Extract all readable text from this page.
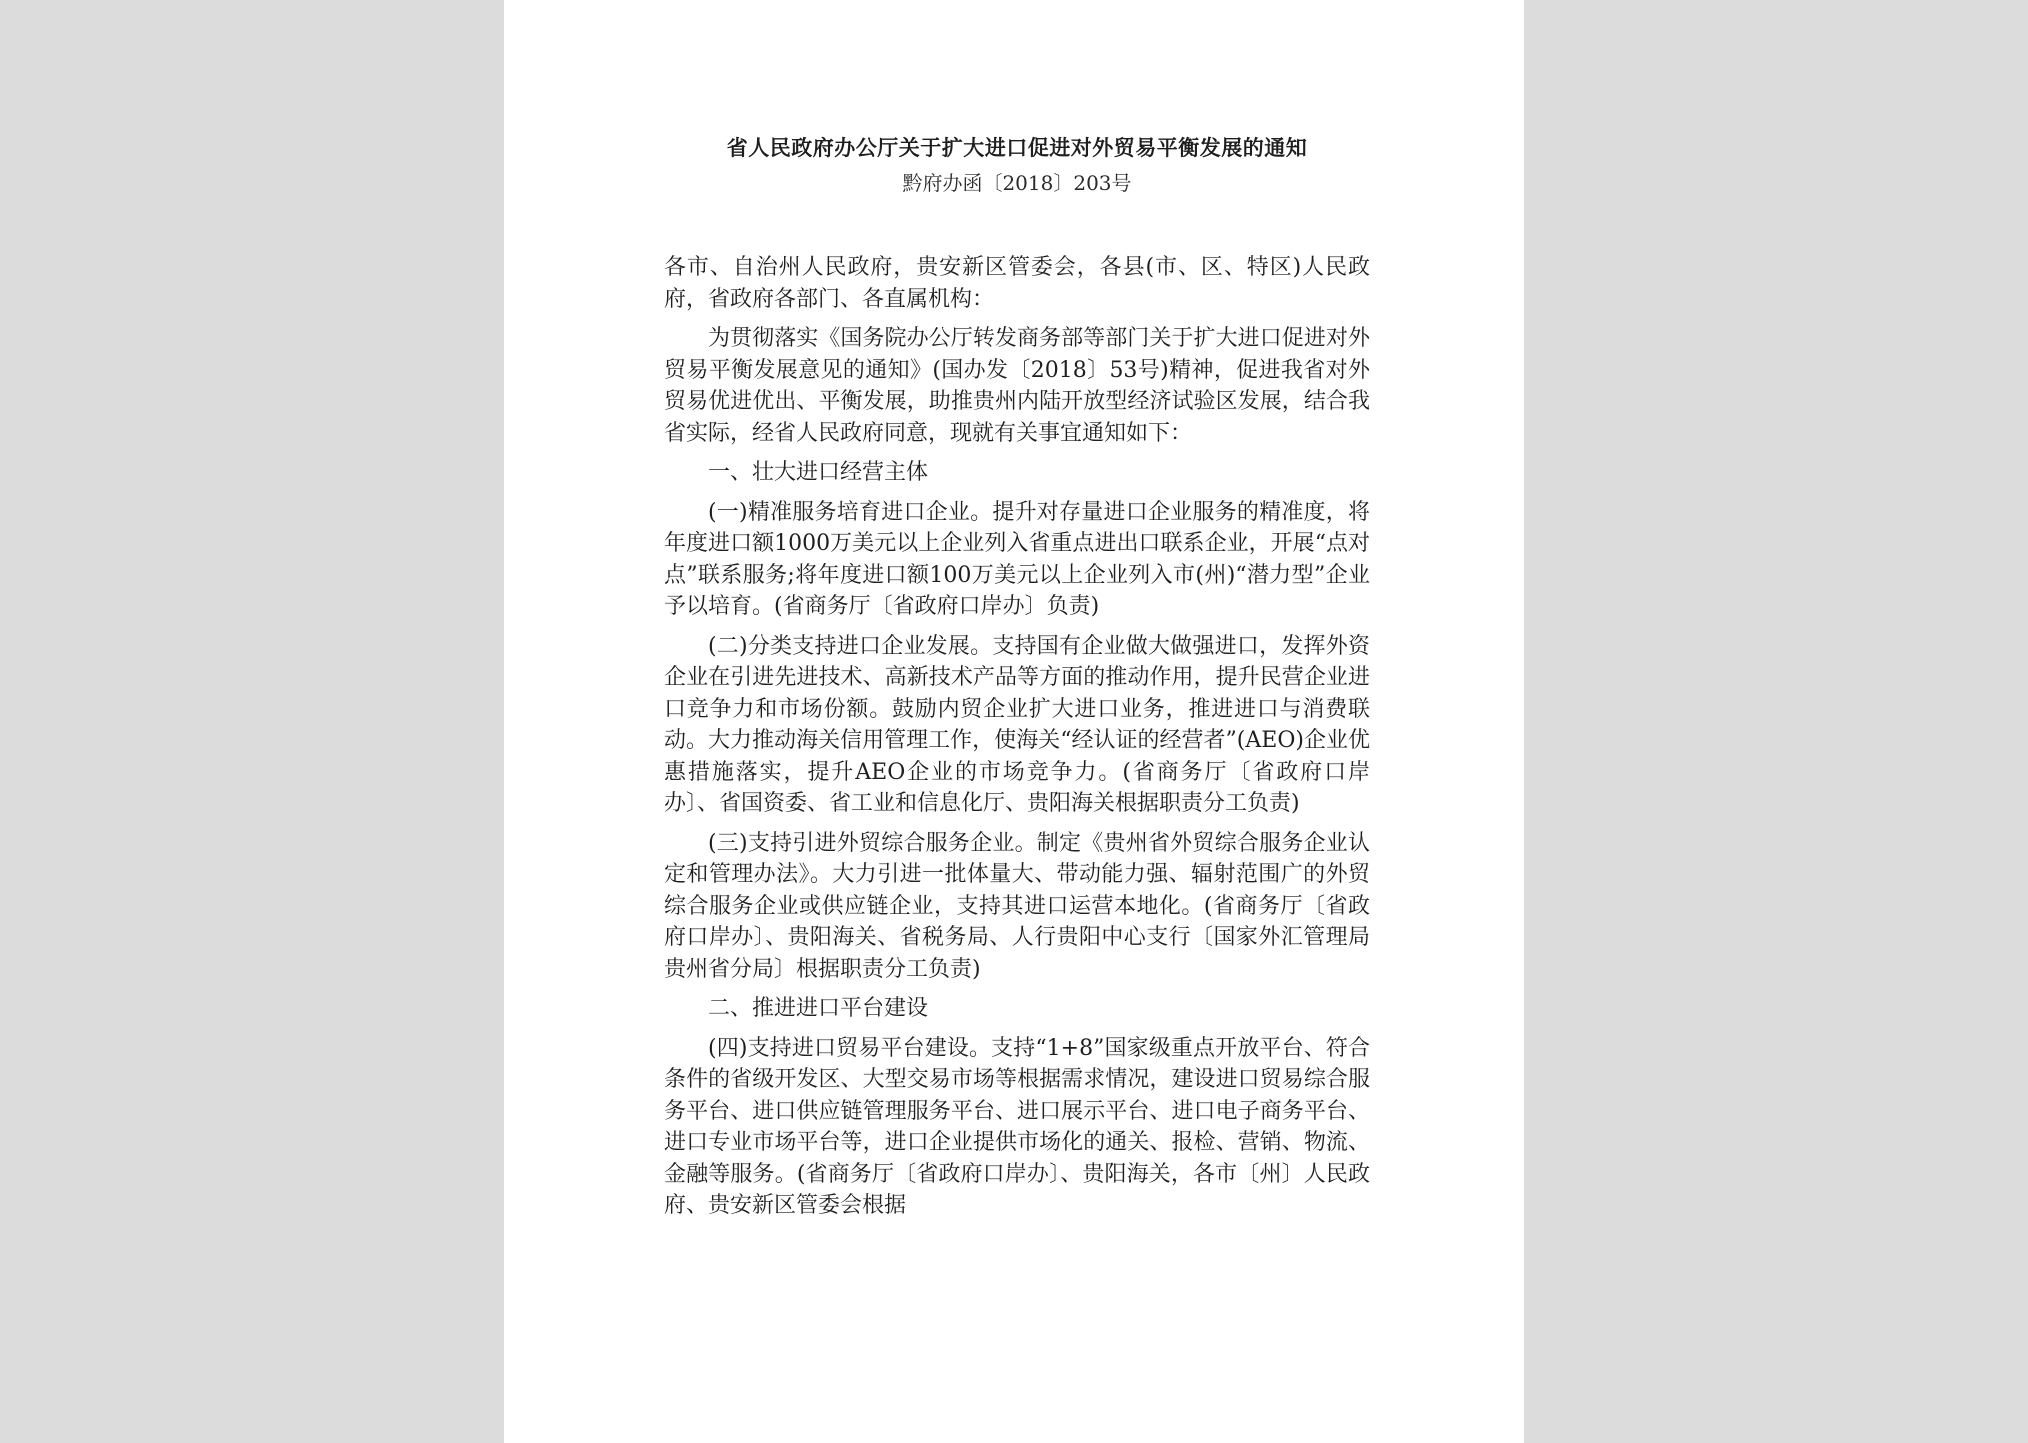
省人民政府办公厅关于扩大进口促进对外贸易平衡发展的通知

黔府办函〔2018〕203号

各市、自治州人民政府，贵安新区管委会，各县(市、区、特区)人民政府，省政府各部门、各直属机构：

为贯彻落实《国务院办公厅转发商务部等部门关于扩大进口促进对外贸易平衡发展意见的通知》(国办发〔2018〕53号)精神，促进我省对外贸易优进优出、平衡发展，助推贵州内陆开放型经济试验区发展，结合我省实际，经省人民政府同意，现就有关事宜通知如下：

一、壮大进口经营主体

(一)精准服务培育进口企业。提升对存量进口企业服务的精准度，将年度进口额1000万美元以上企业列入省重点进出口联系企业，开展“点对点”联系服务;将年度进口额100万美元以上企业列入市(州)“潜力型”企业予以培育。(省商务厅〔省政府口岸办〕负责)

(二)分类支持进口企业发展。支持国有企业做大做强进口，发挥外资企业在引进先进技术、高新技术产品等方面的推动作用，提升民营企业进口竞争力和市场份额。鼓励内贸企业扩大进口业务，推进进口与消费联动。大力推动海关信用管理工作，使海关“经认证的经营者”(AEO)企业优惠措施落实，提升AEO企业的市场竞争力。(省商务厅〔省政府口岸办〕、省国资委、省工业和信息化厅、贵阳海关根据职责分工负责)

(三)支持引进外贸综合服务企业。制定《贵州省外贸综合服务企业认定和管理办法》。大力引进一批体量大、带动能力强、辐射范围广的外贸综合服务企业或供应链企业，支持其进口运营本地化。(省商务厅〔省政府口岸办〕、贵阳海关、省税务局、人行贵阳中心支行〔国家外汇管理局贵州省分局〕根据职责分工负责)

二、推进进口平台建设

(四)支持进口贸易平台建设。支持“1+8”国家级重点开放平台、符合条件的省级开发区、大型交易市场等根据需求情况，建设进口贸易综合服务平台、进口供应链管理服务平台、进口展示平台、进口电子商务平台、进口专业市场平台等，进口企业提供市场化的通关、报检、营销、物流、金融等服务。(省商务厅〔省政府口岸办〕、贵阳海关，各市〔州〕人民政府、贵安新区管委会根据
